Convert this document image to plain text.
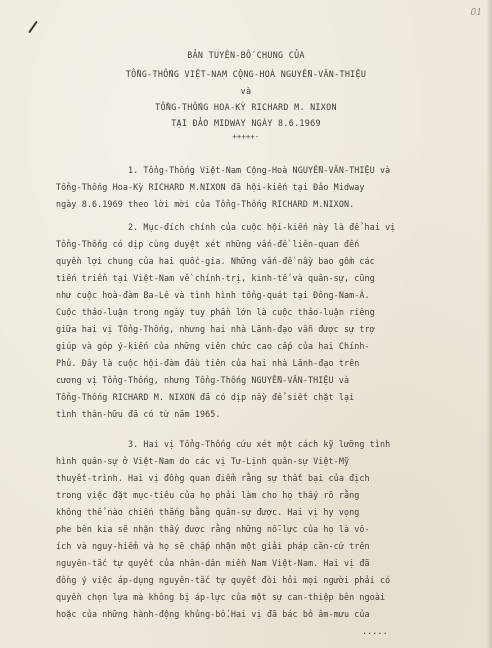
01
BẢN TUYÊN-BỐ CHUNG CỦA
TỔNG-THỐNG VIỆT-NAM CỘNG-HOÀ NGUYỄN-VĂN-THIỆU
và
TỔNG-THỐNG HOA-KỲ RICHARD M. NIXON
TẠI ĐẢO MIDWAY NGÀY 8.6.1969
+++++-
1. Tổng-Thống Việt-Nam Cộng-Hoà NGUYỄN-VĂN-THIỆU và
Tổng-Thống Hoa-Kỳ RICHARD M.NIXON đã hội-kiến tại Đảo Midway
ngày 8.6.1969 theo lời mời của Tổng-Thống RICHARD M.NIXON.
2. Mục-đích chính của cuộc hội-kiến này là để hai vị
Tổng-Thống có dịp cùng duyệt xét những vấn-đề liên-quan đến
quyền lợi chung của hai quốc-gia. Những vấn-đề nầy bao gồm các
tiến triển tại Việt-Nam về chính-trị, kinh-tế và quân-sự, cũng
như cuộc hoà-đàm Ba-Lê và tình hình tổng-quát tại Đông-Nam-Á.
Cuộc thảo-luận trong ngày tuy phần lớn là cuộc thảo-luận riêng
giữa hai vị Tổng-Thống, nhưng hai nhà Lãnh-đạo vẫn được sự trợ
giúp và góp ý-kiến của những viên chức cao cấp của hai Chính-
Phủ. Đây là cuộc hội-đàm đầu tiên của hai nhà Lãnh-đạo trên
cương vị Tổng-Thống, nhưng Tổng-Thống NGUYỄN-VĂN-THIỆU và
Tổng-Thống RICHARD M. NIXON đã có dịp nầy để siết chặt lại
tình thân-hữu đã có từ năm 1965.
3. Hai vị Tổng-Thống cứu xét một cách kỹ lưỡng tình
hình quân-sự ở Việt-Nam do các vị Tư-Lịnh quân-sự Việt-Mỹ
thuyết-trình. Hai vị đồng quan điểm rằng sự thất bại của địch
trong việc đặt mục-tiêu của họ phải làm cho họ thấy rõ rằng
không thể nào chiến thắng bằng quân-sự được. Hai vị hy vọng
phe bên kia sẽ nhận thấy được rằng những nỗ-lực của họ là vô-
ích và nguy-hiểm và họ sẽ chấp nhận một giải pháp căn-cứ trên
nguyên-tắc tự quyết của nhân-dân miền Nam Việt-Nam. Hai vị đã
đồng ý việc áp-dụng nguyên-tắc tự quyết đòi hỏi mọi người phải có
quyền chọn lựa mà không bị áp-lực của một sự can-thiệp bên ngoài
hoặc của những hành-động khủng-bố.Hai vị đã bác bỏ âm-mưu của
.....
